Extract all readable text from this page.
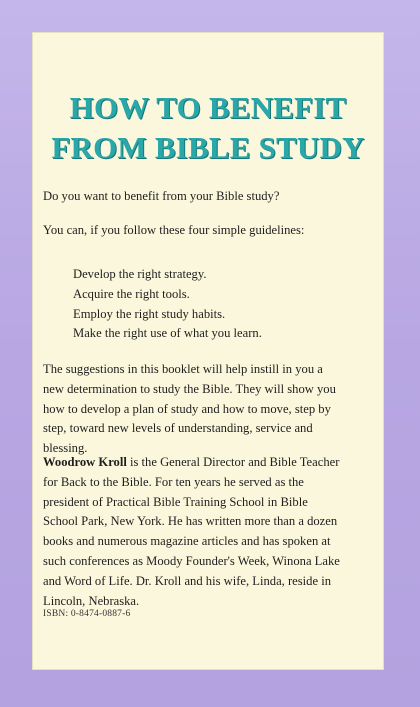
HOW TO BENEFIT
FROM BIBLE STUDY
Do you want to benefit from your Bible study?
You can, if you follow these four simple guidelines:
Develop the right strategy.
Acquire the right tools.
Employ the right study habits.
Make the right use of what you learn.
The suggestions in this booklet will help instill in you a new determination to study the Bible. They will show you how to develop a plan of study and how to move, step by step, toward new levels of understanding, service and blessing.
Woodrow Kroll is the General Director and Bible Teacher for Back to the Bible. For ten years he served as the president of Practical Bible Training School in Bible School Park, New York. He has written more than a dozen books and numerous magazine articles and has spoken at such conferences as Moody Founder's Week, Winona Lake and Word of Life. Dr. Kroll and his wife, Linda, reside in Lincoln, Nebraska.
ISBN: 0-8474-0887-6
